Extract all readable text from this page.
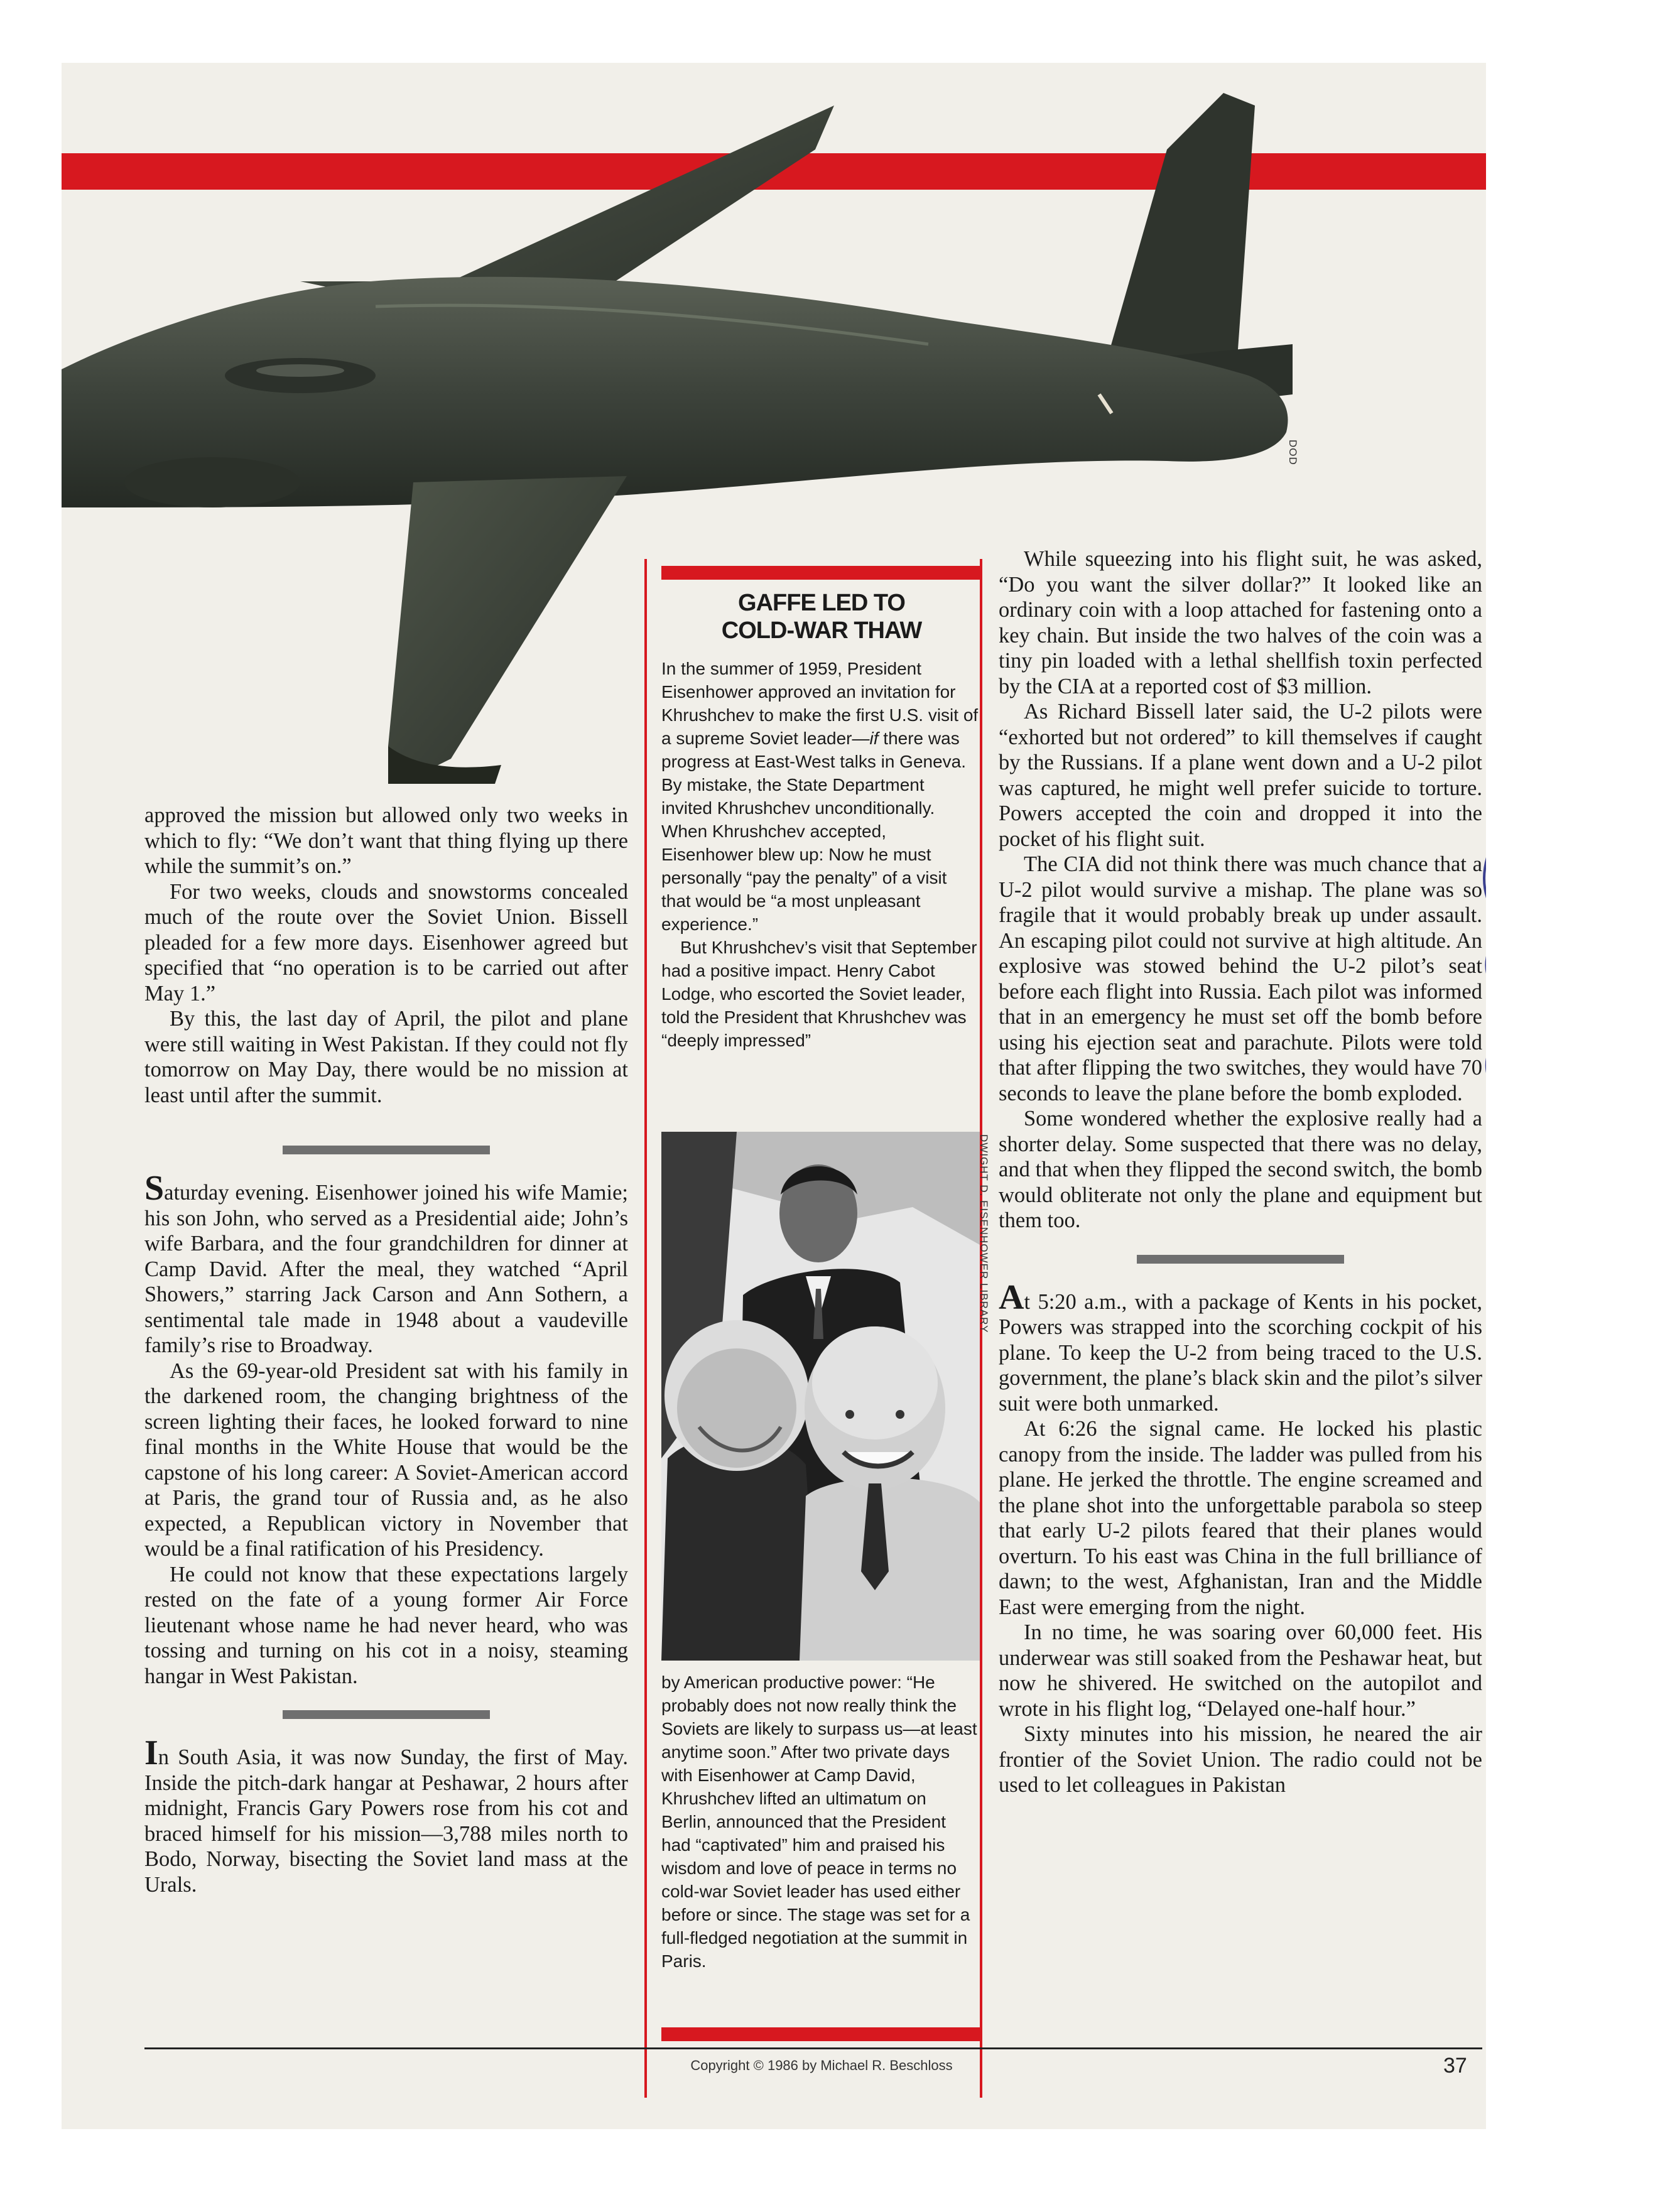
DOD

approved the mission but allowed only two weeks in which to fly: “We don’t want that thing flying up there while the summit’s on.”

For two weeks, clouds and snowstorms concealed much of the route over the Soviet Union. Bissell pleaded for a few more days. Eisenhower agreed but specified that “no operation is to be carried out after May 1.”

By this, the last day of April, the pilot and plane were still waiting in West Pakistan. If they could not fly tomorrow on May Day, there would be no mission at least until after the summit.

Saturday evening. Eisenhower joined his wife Mamie; his son John, who served as a Presidential aide; John’s wife Barbara, and the four grandchildren for dinner at Camp David. After the meal, they watched “April Showers,” starring Jack Carson and Ann Sothern, a sentimental tale made in 1948 about a vaudeville family’s rise to Broadway.

As the 69-year-old President sat with his family in the darkened room, the changing brightness of the screen lighting their faces, he looked forward to nine final months in the White House that would be the capstone of his long career: A Soviet-American accord at Paris, the grand tour of Russia and, as he also expected, a Republican victory in November that would be a final ratification of his Presidency.

He could not know that these expectations largely rested on the fate of a young former Air Force lieutenant whose name he had never heard, who was tossing and turning on his cot in a noisy, steaming hangar in West Pakistan.

In South Asia, it was now Sunday, the first of May. Inside the pitch-dark hangar at Peshawar, 2 hours after midnight, Francis Gary Powers rose from his cot and braced himself for his mission—3,788 miles north to Bodo, Norway, bisecting the Soviet land mass at the Urals.

GAFFE LED TO COLD-WAR THAW

In the summer of 1959, President Eisenhower approved an invitation for Khrushchev to make the first U.S. visit of a supreme Soviet leader—if there was progress at East-West talks in Geneva. By mistake, the State Department invited Khrushchev unconditionally. When Khrushchev accepted, Eisenhower blew up: Now he must personally “pay the penalty” of a visit that would be “a most unpleasant experience.”

But Khrushchev’s visit that September had a positive impact. Henry Cabot Lodge, who escorted the Soviet leader, told the President that Khrushchev was “deeply impressed”

DWIGHT D. EISENHOWER LIBRARY

by American productive power: “He probably does not now really think the Soviets are likely to surpass us—at least anytime soon.” After two private days with Eisenhower at Camp David, Khrushchev lifted an ultimatum on Berlin, announced that the President had “captivated” him and praised his wisdom and love of peace in terms no cold-war Soviet leader has used either before or since. The stage was set for a full-fledged negotiation at the summit in Paris.

While squeezing into his flight suit, he was asked, “Do you want the silver dollar?” It looked like an ordinary coin with a loop attached for fastening onto a key chain. But inside the two halves of the coin was a tiny pin loaded with a lethal shellfish toxin perfected by the CIA at a reported cost of $3 million.

As Richard Bissell later said, the U-2 pilots were “exhorted but not ordered” to kill themselves if caught by the Russians. If a plane went down and a U-2 pilot was captured, he might well prefer suicide to torture. Powers accepted the coin and dropped it into the pocket of his flight suit.

The CIA did not think there was much chance that a U-2 pilot would survive a mishap. The plane was so fragile that it would probably break up under assault. An escaping pilot could not survive at high altitude. An explosive was stowed behind the U-2 pilot’s seat before each flight into Russia. Each pilot was informed that in an emergency he must set off the bomb before using his ejection seat and parachute. Pilots were told that after flipping the two switches, they would have 70 seconds to leave the plane before the bomb exploded.

Some wondered whether the explosive really had a shorter delay. Some suspected that there was no delay, and that when they flipped the second switch, the bomb would obliterate not only the plane and equipment but them too.

At 5:20 a.m., with a package of Kents in his pocket, Powers was strapped into the scorching cockpit of his plane. To keep the U-2 from being traced to the U.S. government, the plane’s black skin and the pilot’s silver suit were both unmarked.

At 6:26 the signal came. He locked his plastic canopy from the inside. The ladder was pulled from his plane. He jerked the throttle. The engine screamed and the plane shot into the unforgettable parabola so steep that early U-2 pilots feared that their planes would overturn. To his east was China in the full brilliance of dawn; to the west, Afghanistan, Iran and the Middle East were emerging from the night.

In no time, he was soaring over 60,000 feet. His underwear was still soaked from the Peshawar heat, but now he shivered. He switched on the autopilot and wrote in his flight log, “Delayed one-half hour.”

Sixty minutes into his mission, he neared the air frontier of the Soviet Union. The radio could not be used to let colleagues in Pakistan

Copyright © 1986 by Michael R. Beschloss	37
